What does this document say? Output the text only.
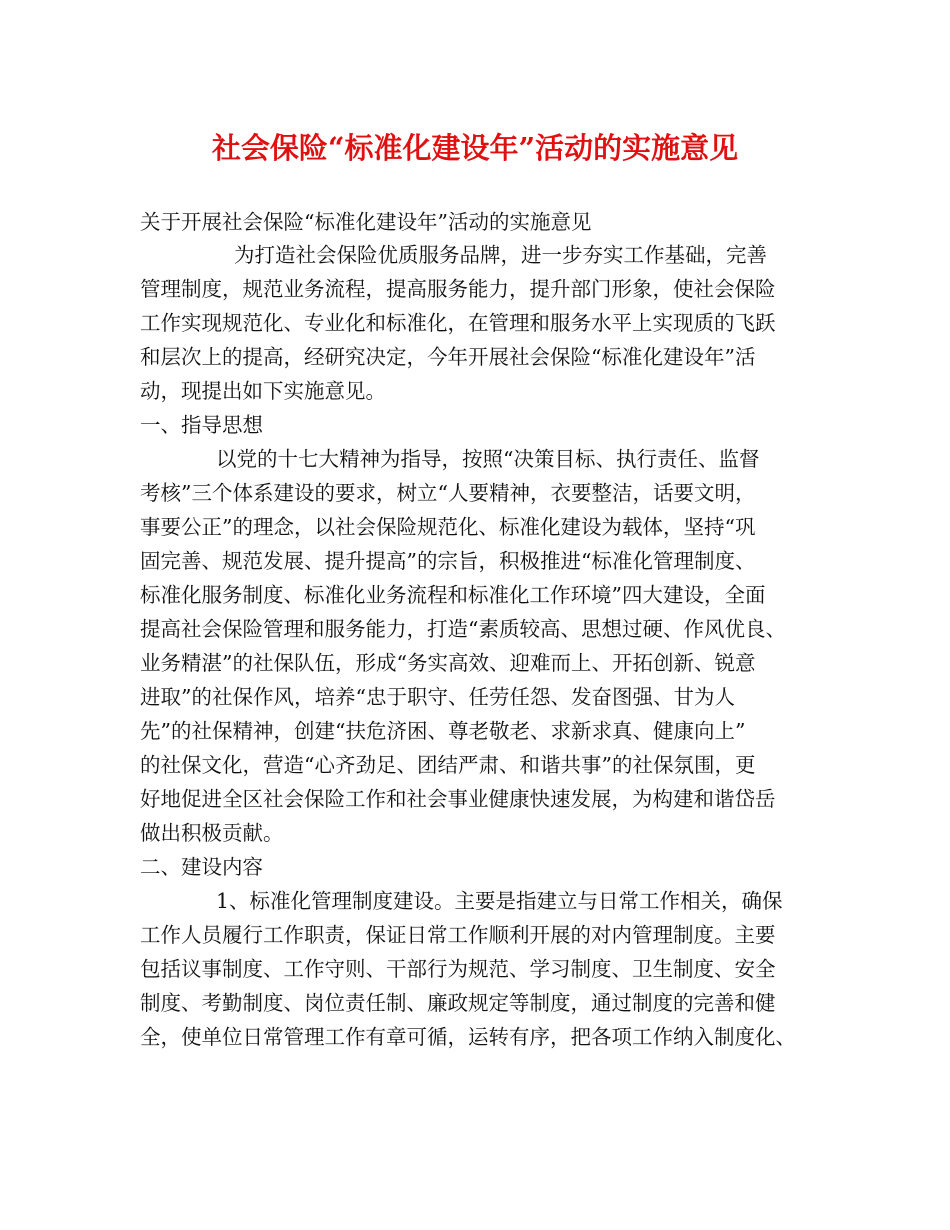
社会保险“标准化建设年”活动的实施意见
关于开展社会保险“标准化建设年”活动的实施意见
为打造社会保险优质服务品牌，进一步夯实工作基础，完善
管理制度，规范业务流程，提高服务能力，提升部门形象，使社会保险
工作实现规范化、专业化和标准化，在管理和服务水平上实现质的飞跃
和层次上的提高，经研究决定，今年开展社会保险“标准化建设年”活
动，现提出如下实施意见。
一、指导思想
以党的十七大精神为指导，按照“决策目标、执行责任、监督
考核”三个体系建设的要求，树立“人要精神，衣要整洁，话要文明，
事要公正”的理念，以社会保险规范化、标准化建设为载体，坚持“巩
固完善、规范发展、提升提高”的宗旨，积极推进“标准化管理制度、
标准化服务制度、标准化业务流程和标准化工作环境”四大建设，全面
提高社会保险管理和服务能力，打造“素质较高、思想过硬、作风优良、
业务精湛”的社保队伍，形成“务实高效、迎难而上、开拓创新、锐意
进取”的社保作风，培养“忠于职守、任劳任怨、发奋图强、甘为人
先”的社保精神，创建“扶危济困、尊老敬老、求新求真、健康向上”
的社保文化，营造“心齐劲足、团结严肃、和谐共事”的社保氛围，更
好地促进全区社会保险工作和社会事业健康快速发展，为构建和谐岱岳
做出积极贡献。
二、建设内容
1、标准化管理制度建设。主要是指建立与日常工作相关，确保
工作人员履行工作职责，保证日常工作顺利开展的对内管理制度。主要
包括议事制度、工作守则、干部行为规范、学习制度、卫生制度、安全
制度、考勤制度、岗位责任制、廉政规定等制度，通过制度的完善和健
全，使单位日常管理工作有章可循，运转有序，把各项工作纳入制度化、
